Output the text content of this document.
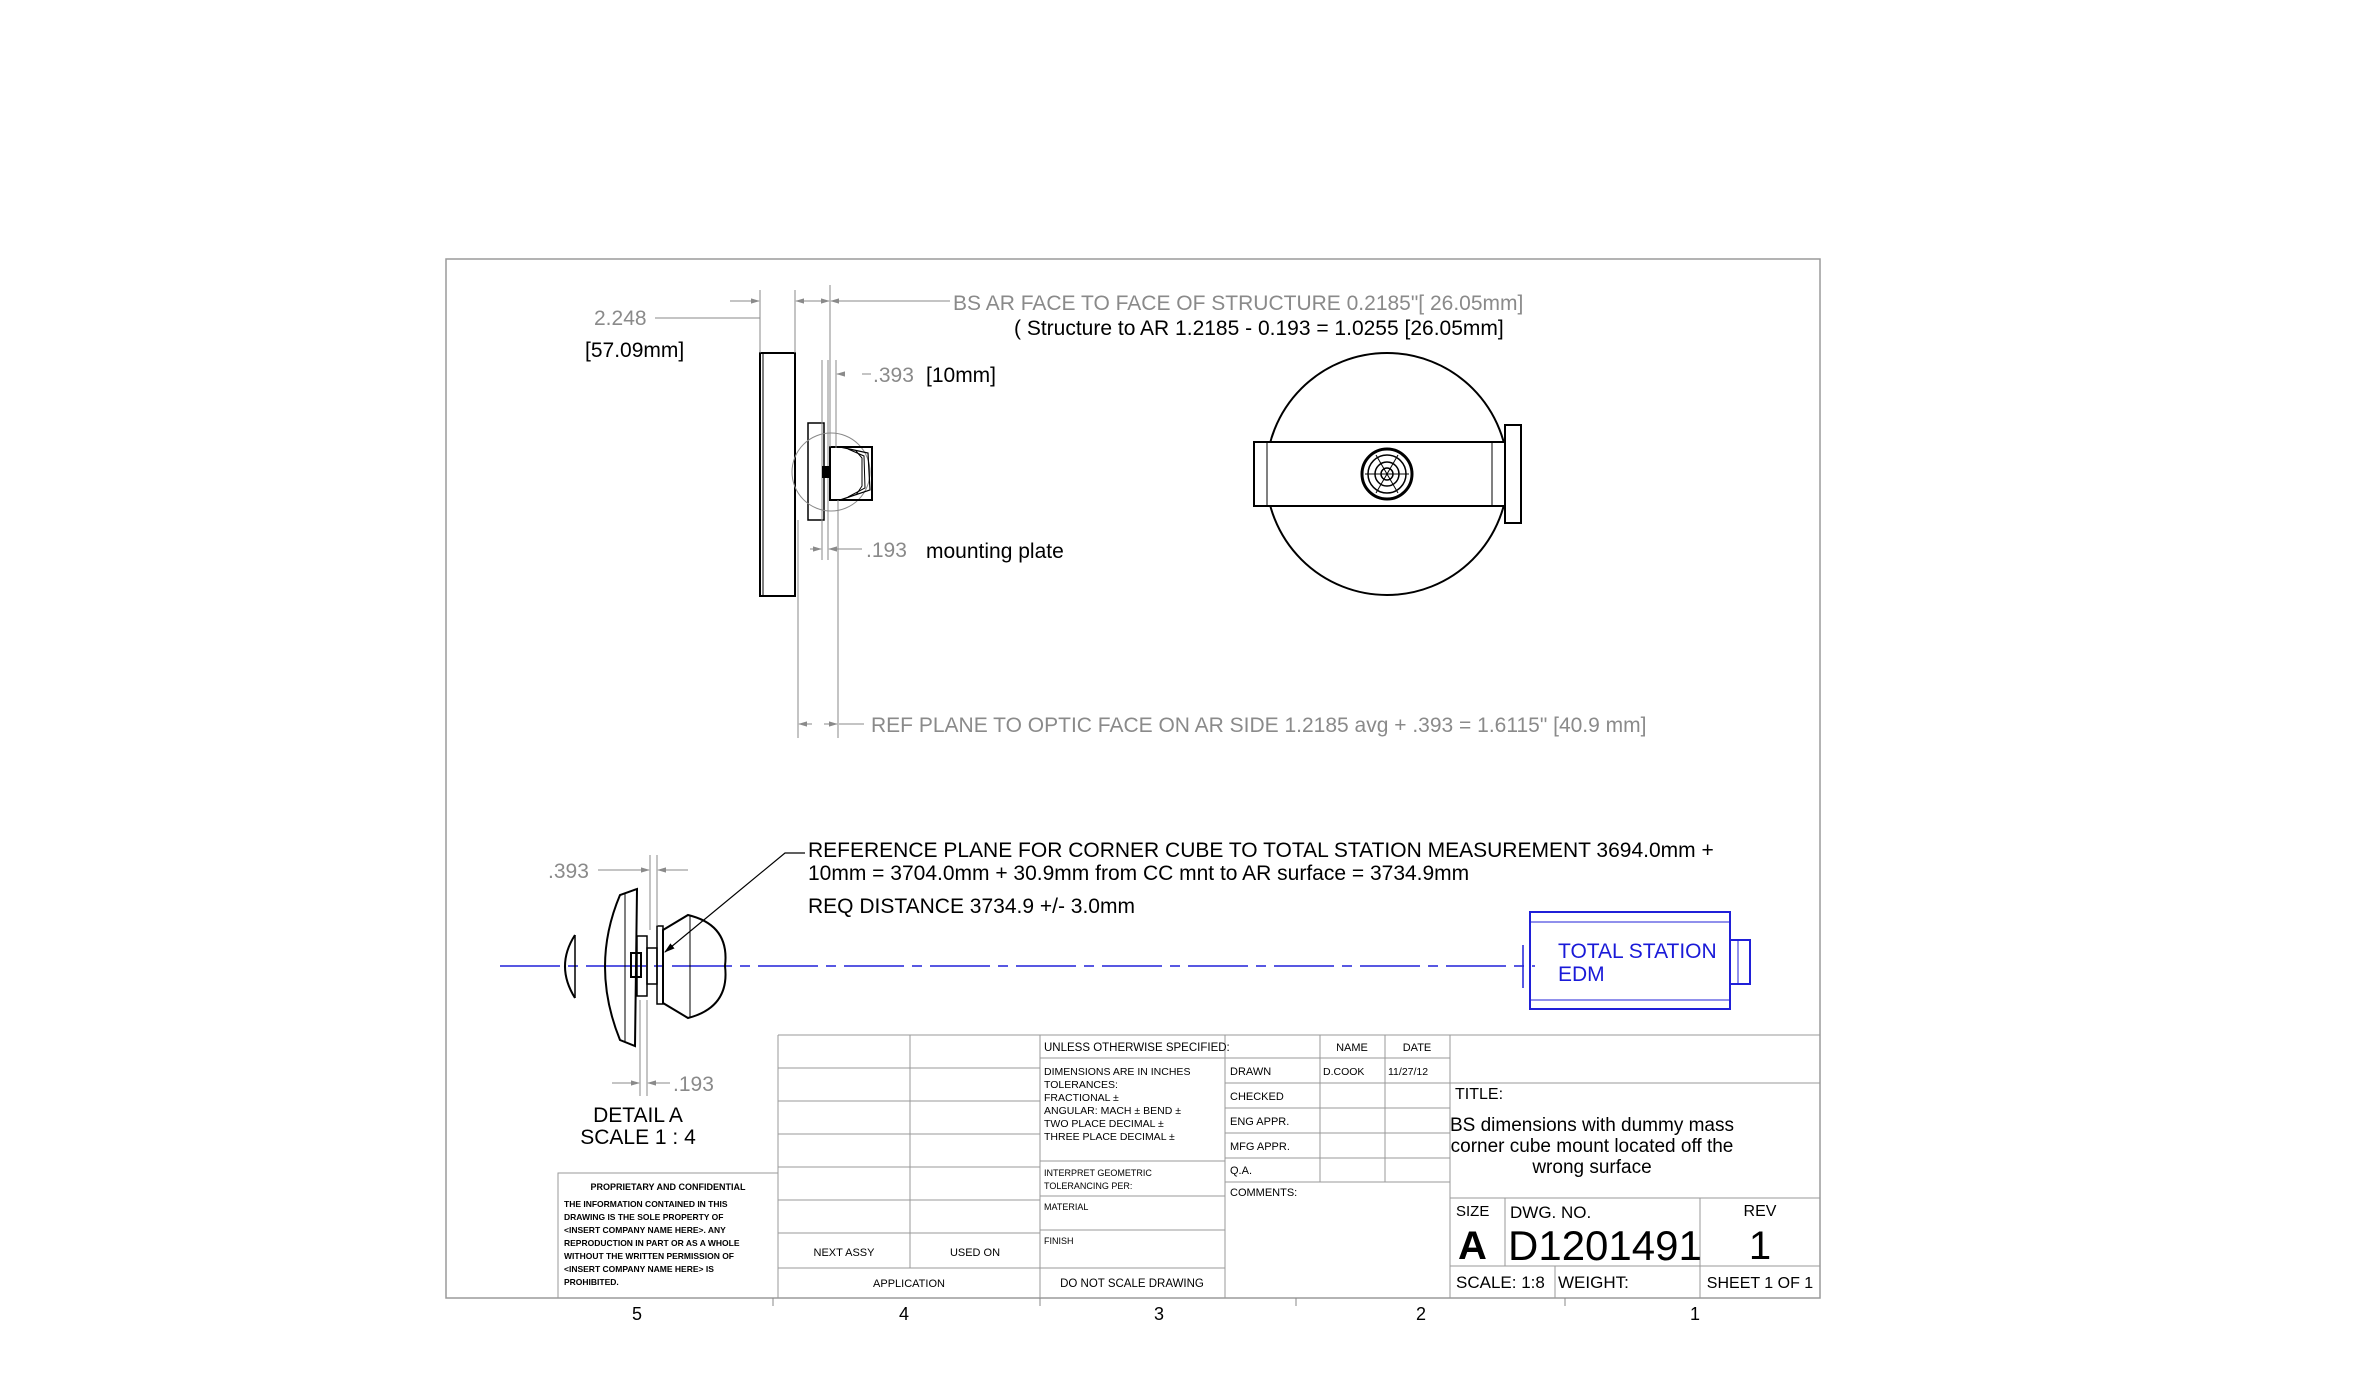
2.248
[57.09mm]
BS AR FACE TO FACE OF STRUCTURE 0.2185"[ 26.05mm]
( Structure to AR 1.2185 - 0.193 = 1.0255 [26.05mm]
.393 [10mm]
.193 mounting plate
REF PLANE TO OPTIC FACE ON AR SIDE 1.2185 avg + .393 = 1.6115" [40.9 mm]
.393
.193
DETAIL A
SCALE 1 : 4
REFERENCE PLANE FOR CORNER CUBE TO TOTAL STATION MEASUREMENT 3694.0mm +
10mm = 3704.0mm + 30.9mm from CC mnt to AR surface = 3734.9mm
REQ DISTANCE 3734.9 +/- 3.0mm
TOTAL STATION
EDM
UNLESS OTHERWISE SPECIFIED:	NAME	DATE
DRAWN	D.COOK 11/27/12
CHECKED
ENG APPR.
MFG APPR.
Q.A.
COMMENTS:
DIMENSIONS ARE IN INCHES
TOLERANCES:
FRACTIONAL ±
ANGULAR: MACH ± BEND ±
TWO PLACE DECIMAL ±
THREE PLACE DECIMAL ±
INTERPRET GEOMETRIC
TOLERANCING PER:
MATERIAL
FINISH
DO NOT SCALE DRAWING
NEXT ASSY	USED ON
APPLICATION
TITLE:
BS dimensions with dummy mass
corner cube mount located off the
wrong surface
SIZE
A
DWG. NO.
D1201491
REV
1
SCALE: 1:8 WEIGHT:	SHEET 1 OF 1
PROPRIETARY AND CONFIDENTIAL
THE INFORMATION CONTAINED IN THIS
DRAWING IS THE SOLE PROPERTY OF
<INSERT COMPANY NAME HERE>. ANY
REPRODUCTION IN PART OR AS A WHOLE
WITHOUT THE WRITTEN PERMISSION OF
<INSERT COMPANY NAME HERE> IS
PROHIBITED.
5	4	3	2	1
